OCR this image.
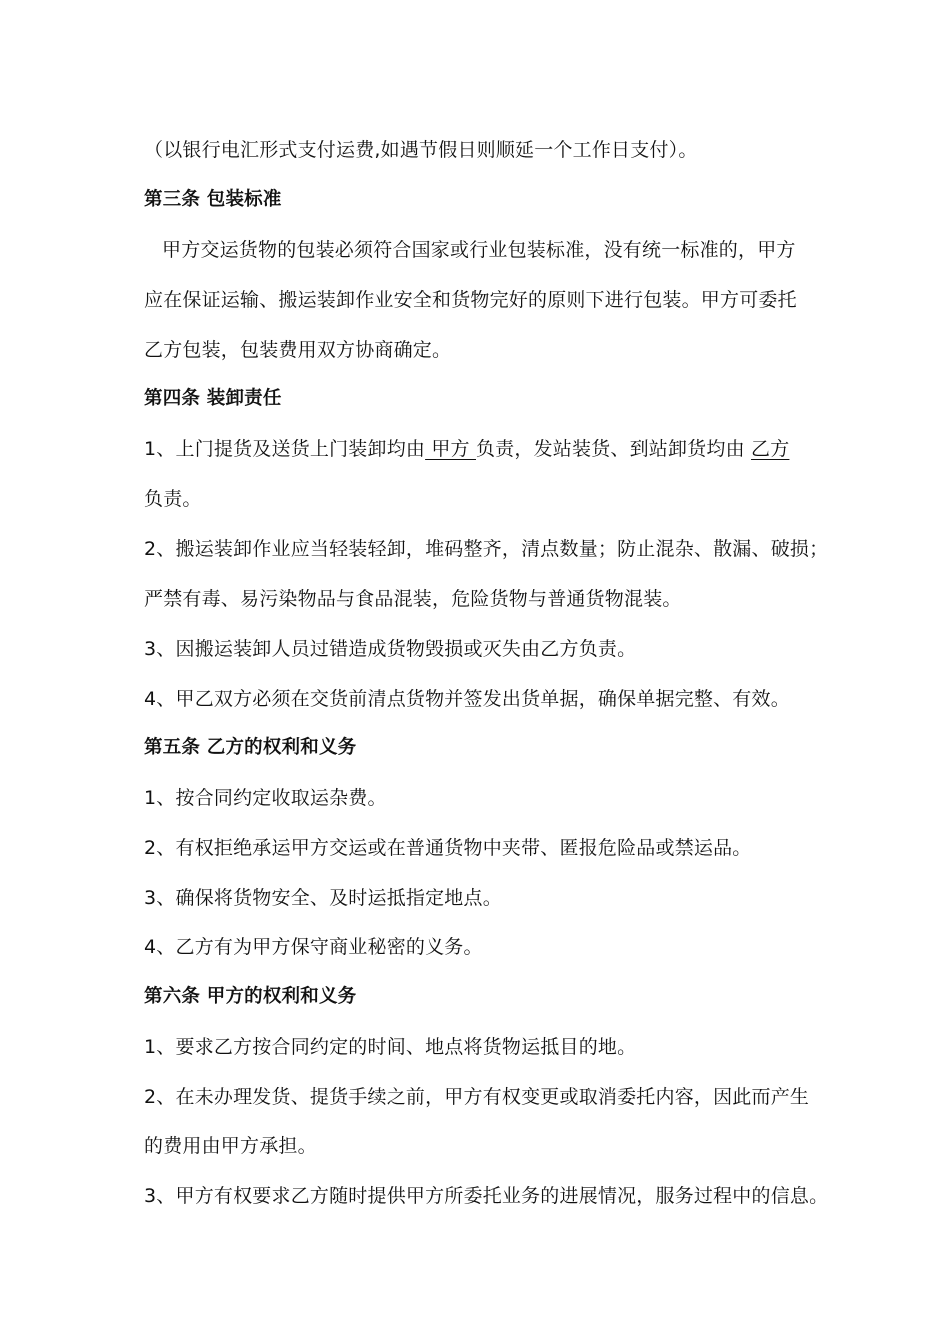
（以银行电汇形式支付运费,如遇节假日则顺延一个工作日支付）。
第三条 包装标准
甲方交运货物的包装必须符合国家或行业包装标准，没有统一标准的，甲方
应在保证运输、搬运装卸作业安全和货物完好的原则下进行包装。甲方可委托
乙方包装，包装费用双方协商确定。
第四条 装卸责任
1、上门提货及送货上门装卸均由 甲方 负责，发站装货、到站卸货均由 乙方
负责。
2、搬运装卸作业应当轻装轻卸，堆码整齐，清点数量；防止混杂、散漏、破损；
严禁有毒、易污染物品与食品混装，危险货物与普通货物混装。
3、因搬运装卸人员过错造成货物毁损或灭失由乙方负责。
4、甲乙双方必须在交货前清点货物并签发出货单据，确保单据完整、有效。
第五条 乙方的权利和义务
1、按合同约定收取运杂费。
2、有权拒绝承运甲方交运或在普通货物中夹带、匿报危险品或禁运品。
3、确保将货物安全、及时运抵指定地点。
4、乙方有为甲方保守商业秘密的义务。
第六条 甲方的权利和义务
1、要求乙方按合同约定的时间、地点将货物运抵目的地。
2、在未办理发货、提货手续之前，甲方有权变更或取消委托内容，因此而产生
的费用由甲方承担。
3、甲方有权要求乙方随时提供甲方所委托业务的进展情况，服务过程中的信息。
